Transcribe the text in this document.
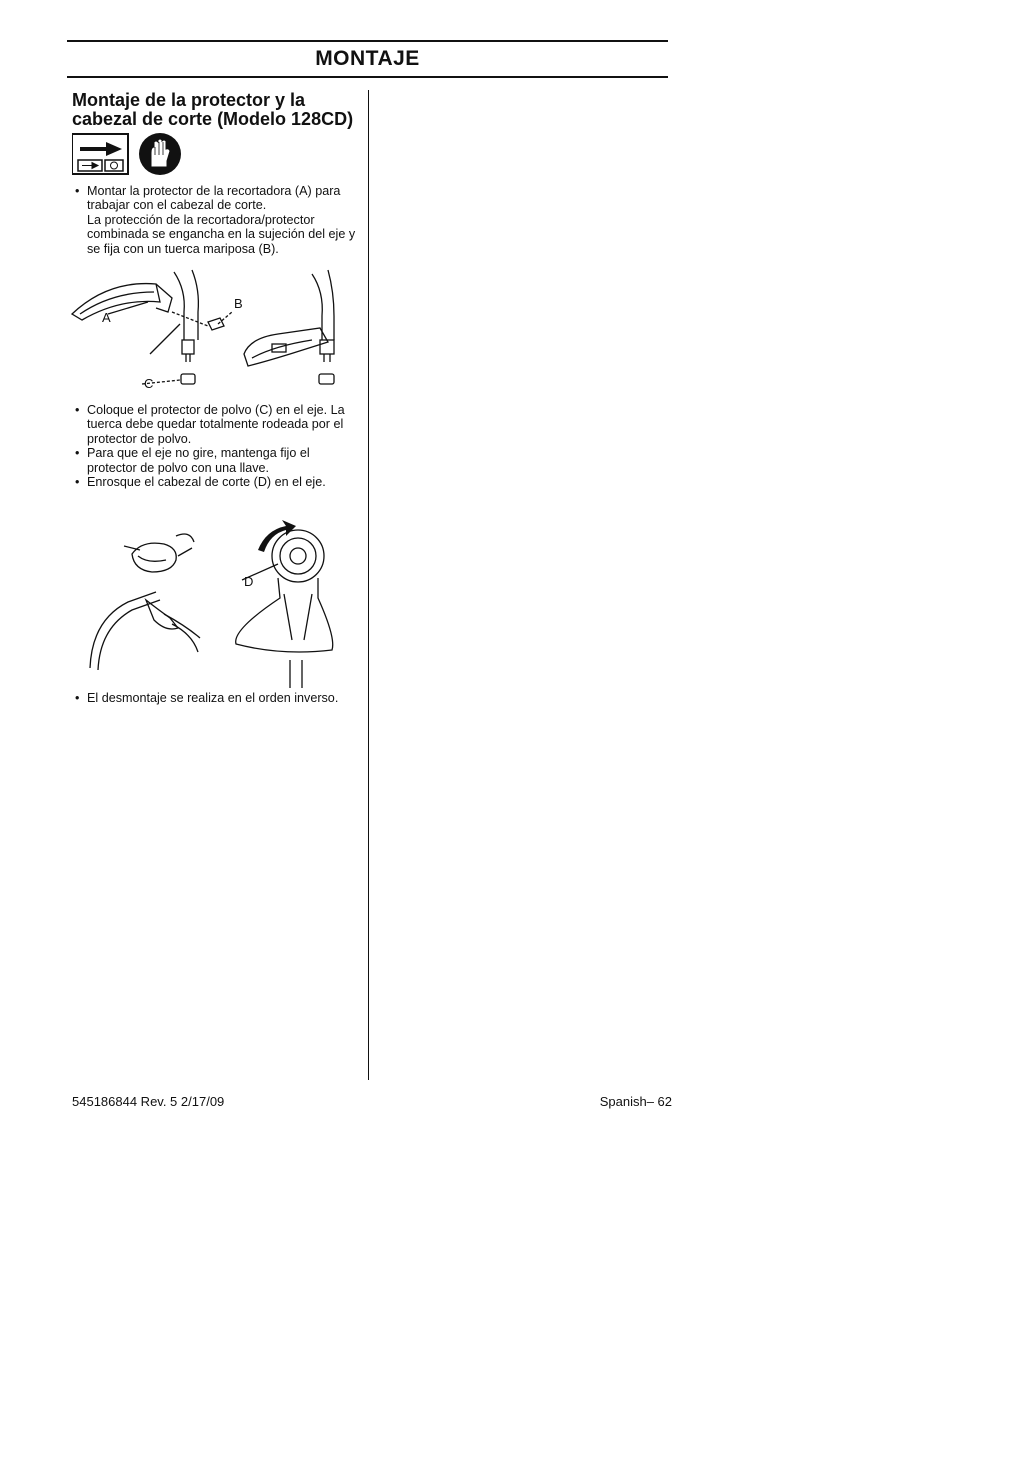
MONTAJE
Montaje de la protector y la cabezal de corte (Modelo 128CD)
• Montar la protector de la recortadora (A) para trabajar con el cabezal de corte.
La protección de la recortadora/protector combinada se engancha en la sujeción del eje y se fija con un tuerca mariposa (B).
A
B
C
• Coloque el protector de polvo (C) en el eje. La tuerca debe quedar totalmente rodeada por el protector de polvo.
• Para que el eje no gire, mantenga fijo el protector de polvo con una llave.
• Enrosque el cabezal de corte (D) en el eje.
D
• El desmontaje se realiza en el orden inverso.
545186844 Rev. 5 2/17/09	Spanish– 62
